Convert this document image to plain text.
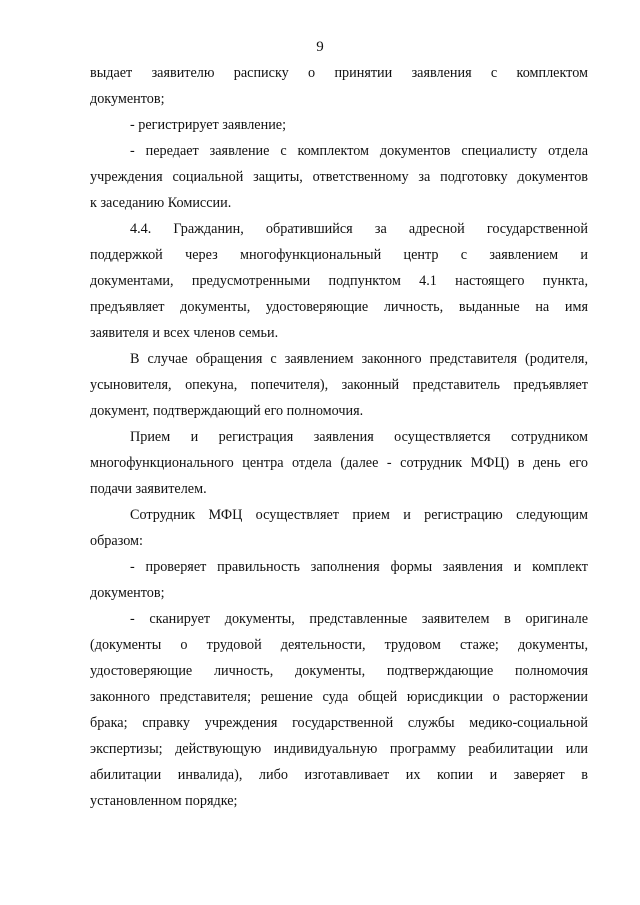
9
выдает заявителю расписку о принятии заявления с комплектом
документов;
- регистрирует заявление;
- передает заявление с комплектом документов специалисту отдела
учреждения социальной защиты, ответственному за подготовку документов
к заседанию Комиссии.
4.4. Гражданин, обратившийся за адресной государственной
поддержкой через многофункциональный центр с заявлением и
документами, предусмотренными подпунктом 4.1 настоящего пункта,
предъявляет документы, удостоверяющие личность, выданные на имя
заявителя и всех членов семьи.
В случае обращения с заявлением законного представителя (родителя,
усыновителя, опекуна, попечителя), законный представитель предъявляет
документ, подтверждающий его полномочия.
Прием и регистрация заявления осуществляется сотрудником
многофункционального центра отдела (далее - сотрудник МФЦ) в день его
подачи заявителем.
Сотрудник МФЦ осуществляет прием и регистрацию следующим
образом:
- проверяет правильность заполнения формы заявления и комплект
документов;
- сканирует документы, представленные заявителем в оригинале
(документы о трудовой деятельности, трудовом стаже; документы,
удостоверяющие личность, документы, подтверждающие полномочия
законного представителя; решение суда общей юрисдикции о расторжении
брака; справку учреждения государственной службы медико-социальной
экспертизы; действующую индивидуальную программу реабилитации или
абилитации инвалида), либо изготавливает их копии и заверяет в
установленном порядке;
